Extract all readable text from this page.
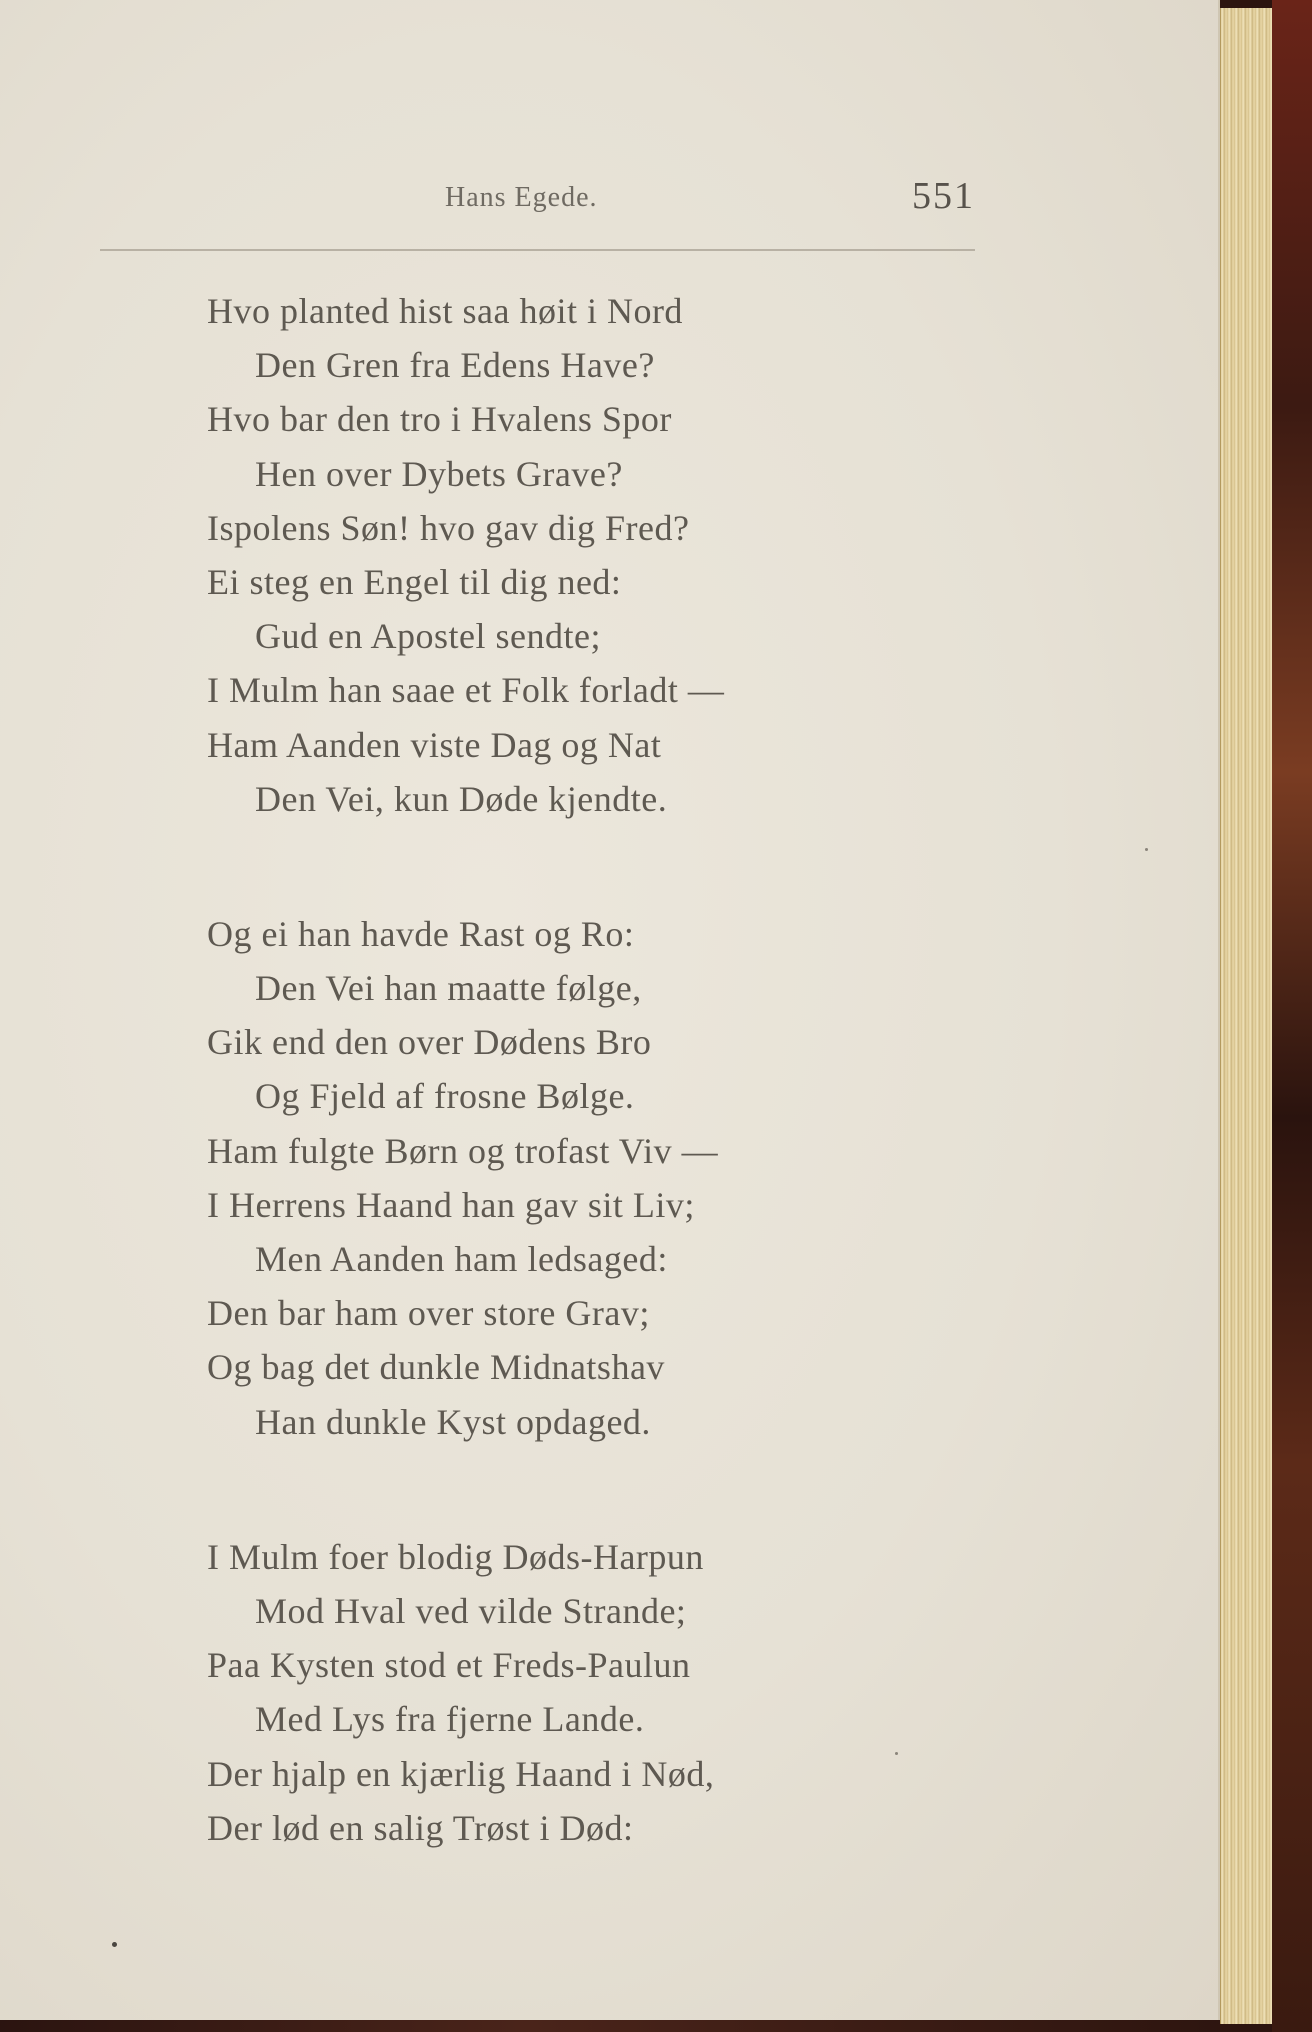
Hans Egede.	551
Hvo planted hist saa høit i Nord
Den Gren fra Edens Have?
Hvo bar den tro i Hvalens Spor
Hen over Dybets Grave?
Ispolens Søn! hvo gav dig Fred?
Ei steg en Engel til dig ned:
Gud en Apostel sendte;
I Mulm han saae et Folk forladt —
Ham Aanden viste Dag og Nat
Den Vei, kun Døde kjendte.
Og ei han havde Rast og Ro:
Den Vei han maatte følge,
Gik end den over Dødens Bro
Og Fjeld af frosne Bølge.
Ham fulgte Børn og trofast Viv —
I Herrens Haand han gav sit Liv;
Men Aanden ham ledsaged:
Den bar ham over store Grav;
Og bag det dunkle Midnatshav
Han dunkle Kyst opdaged.
I Mulm foer blodig Døds-Harpun
Mod Hval ved vilde Strande;
Paa Kysten stod et Freds-Paulun
Med Lys fra fjerne Lande.
Der hjalp en kjærlig Haand i Nød,
Der lød en salig Trøst i Død:
